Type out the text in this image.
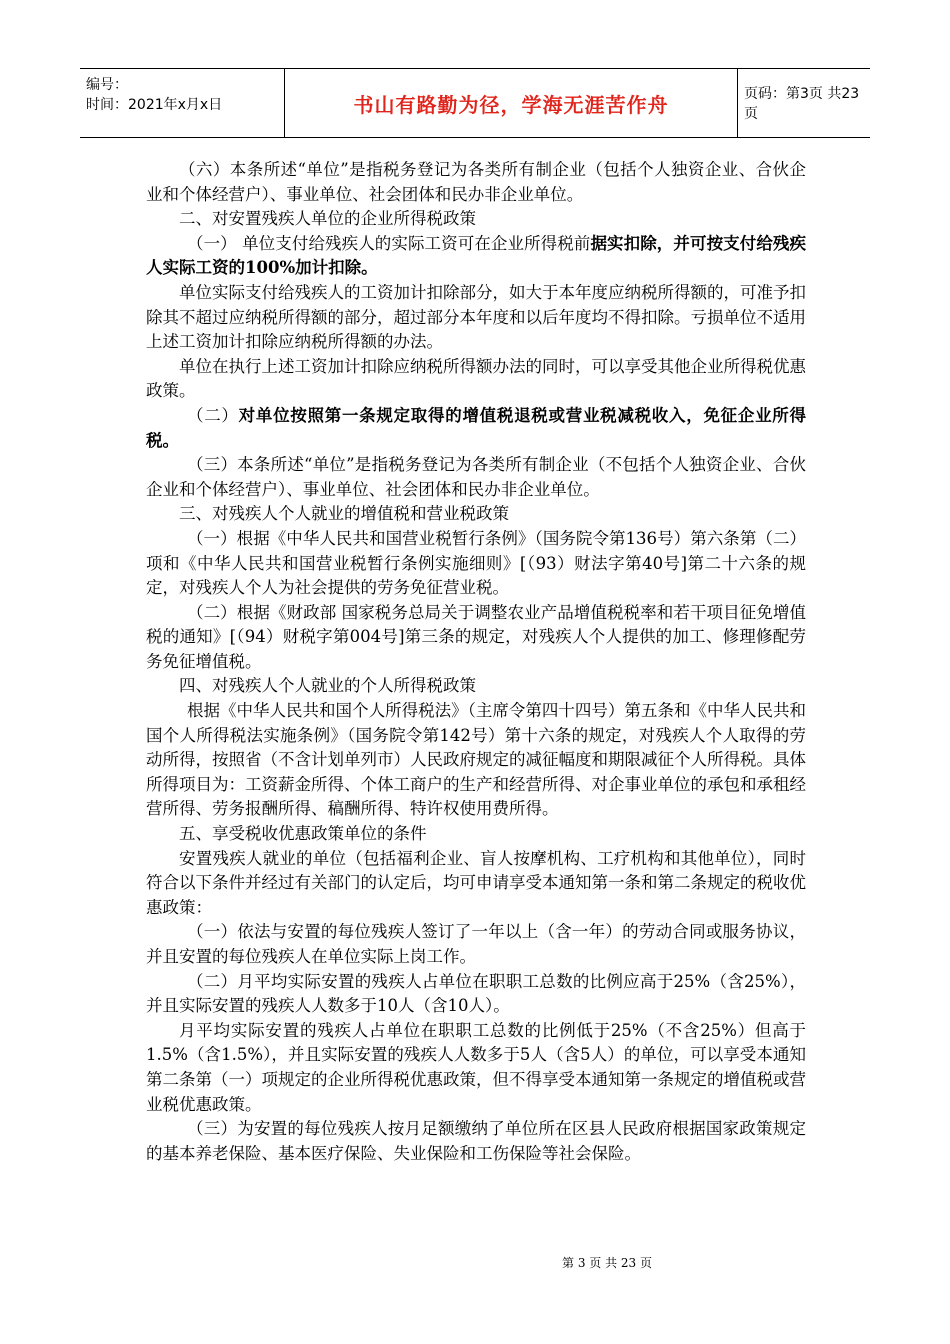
编号：
时间：2021年x月x日	书山有路勤为径，学海无涯苦作舟	页码：第3页 共23页

（六）本条所述“单位”是指税务登记为各类所有制企业（包括个人独资企业、合伙企业和个体经营户）、事业单位、社会团体和民办非企业单位。

二、对安置残疾人单位的企业所得税政策

（一） 单位支付给残疾人的实际工资可在企业所得税前据实扣除，并可按支付给残疾人实际工资的100%加计扣除。

单位实际支付给残疾人的工资加计扣除部分，如大于本年度应纳税所得额的，可准予扣除其不超过应纳税所得额的部分，超过部分本年度和以后年度均不得扣除。亏损单位不适用上述工资加计扣除应纳税所得额的办法。

单位在执行上述工资加计扣除应纳税所得额办法的同时，可以享受其他企业所得税优惠政策。

（二）对单位按照第一条规定取得的增值税退税或营业税减税收入，免征企业所得税。

（三）本条所述“单位”是指税务登记为各类所有制企业（不包括个人独资企业、合伙企业和个体经营户）、事业单位、社会团体和民办非企业单位。

三、对残疾人个人就业的增值税和营业税政策

（一）根据《中华人民共和国营业税暂行条例》（国务院令第136号）第六条第（二）项和《中华人民共和国营业税暂行条例实施细则》[（93）财法字第40号]第二十六条的规定，对残疾人个人为社会提供的劳务免征营业税。

（二）根据《财政部 国家税务总局关于调整农业产品增值税税率和若干项目征免增值税的通知》[（94）财税字第004号]第三条的规定，对残疾人个人提供的加工、修理修配劳务免征增值税。

四、对残疾人个人就业的个人所得税政策

根据《中华人民共和国个人所得税法》（主席令第四十四号）第五条和《中华人民共和国个人所得税法实施条例》（国务院令第142号）第十六条的规定，对残疾人个人取得的劳动所得，按照省（不含计划单列市）人民政府规定的减征幅度和期限减征个人所得税。具体所得项目为：工资薪金所得、个体工商户的生产和经营所得、对企事业单位的承包和承租经营所得、劳务报酬所得、稿酬所得、特许权使用费所得。

五、享受税收优惠政策单位的条件

安置残疾人就业的单位（包括福利企业、盲人按摩机构、工疗机构和其他单位），同时符合以下条件并经过有关部门的认定后，均可申请享受本通知第一条和第二条规定的税收优惠政策：

（一）依法与安置的每位残疾人签订了一年以上（含一年）的劳动合同或服务协议，并且安置的每位残疾人在单位实际上岗工作。

（二）月平均实际安置的残疾人占单位在职职工总数的比例应高于25%（含25%），并且实际安置的残疾人人数多于10人（含10人）。

月平均实际安置的残疾人占单位在职职工总数的比例低于25%（不含25%）但高于1.5%（含1.5%），并且实际安置的残疾人人数多于5人（含5人）的单位，可以享受本通知第二条第（一）项规定的企业所得税优惠政策，但不得享受本通知第一条规定的增值税或营业税优惠政策。

（三）为安置的每位残疾人按月足额缴纳了单位所在区县人民政府根据国家政策规定的基本养老保险、基本医疗保险、失业保险和工伤保险等社会保险。

第 3 页 共 23 页
